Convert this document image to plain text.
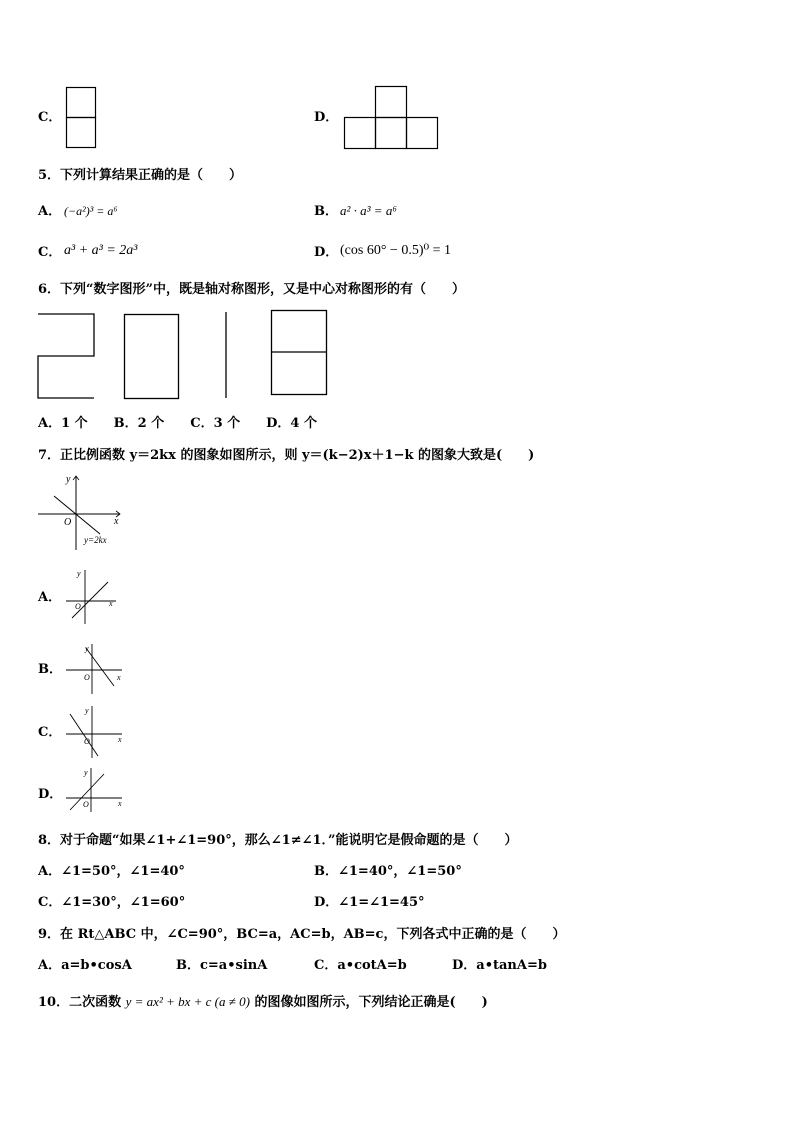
C．	D．
5．下列计算结果正确的是（　　）
A． (−a²)³ = a⁶	B． a² · a³ = a⁶
C． a³ + a³ = 2a³	D． (cos 60° − 0.5)⁰ = 1
6．下列“数字图形”中，既是轴对称图形，又是中心对称图形的有（　　）
A．1 个　　B．2 个　　C．3 个　　D．4 个
7．正比例函数 y＝2kx 的图象如图所示，则 y＝(k−2)x＋1−k 的图象大致是(　　)
y
x
O
y=2kx
A．
y
x
O
B．
y
x
O
C．
y
x
O
D．
y
x
O
8．对于命题“如果∠1+∠1=90°，那么∠1≠∠1．”能说明它是假命题的是（　　）
A．∠1=50°，∠1=40°	B．∠1=40°，∠1=50°
C．∠1=30°，∠1=60°	D．∠1=∠1=45°
9．在 Rt△ABC 中，∠C=90°，BC=a，AC=b，AB=c，下列各式中正确的是（　　）
A．a=b•cosA	B．c=a•sinA	C．a•cotA=b	D．a•tanA=b
10．二次函数 y = ax² + bx + c (a ≠ 0) 的图像如图所示，下列结论正确是(　　)
